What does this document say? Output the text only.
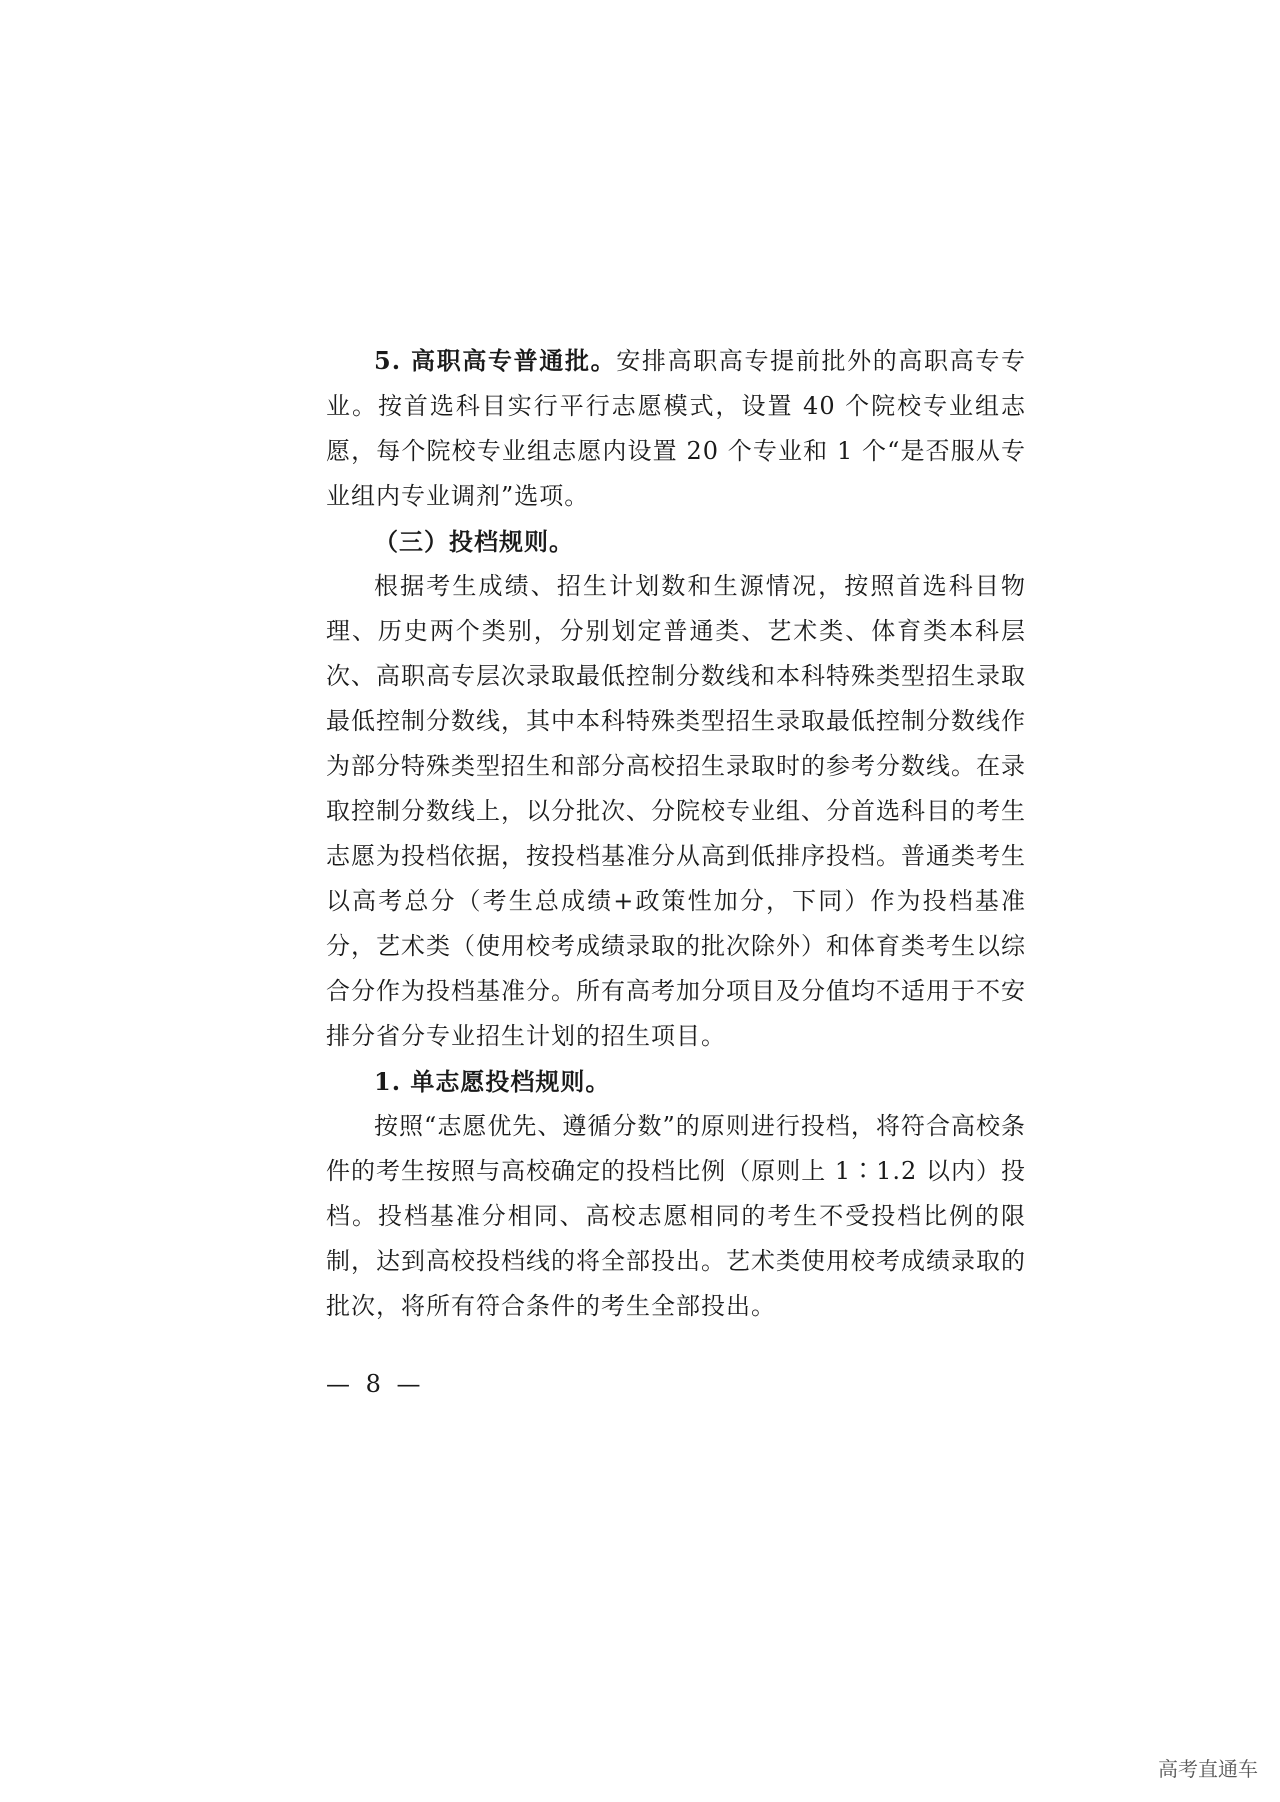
5. 高职高专普通批。安排高职高专提前批外的高职高专专业。按首选科目实行平行志愿模式，设置 40 个院校专业组志愿，每个院校专业组志愿内设置 20 个专业和 1 个“是否服从专业组内专业调剂”选项。

（三）投档规则。

根据考生成绩、招生计划数和生源情况，按照首选科目物理、历史两个类别，分别划定普通类、艺术类、体育类本科层次、高职高专层次录取最低控制分数线和本科特殊类型招生录取最低控制分数线，其中本科特殊类型招生录取最低控制分数线作为部分特殊类型招生和部分高校招生录取时的参考分数线。在录取控制分数线上，以分批次、分院校专业组、分首选科目的考生志愿为投档依据，按投档基准分从高到低排序投档。普通类考生以高考总分（考生总成绩+政策性加分，下同）作为投档基准分，艺术类（使用校考成绩录取的批次除外）和体育类考生以综合分作为投档基准分。所有高考加分项目及分值均不适用于不安排分省分专业招生计划的招生项目。

1. 单志愿投档规则。

按照“志愿优先、遵循分数”的原则进行投档，将符合高校条件的考生按照与高校确定的投档比例（原则上 1∶1.2 以内）投档。投档基准分相同、高校志愿相同的考生不受投档比例的限制，达到高校投档线的将全部投出。艺术类使用校考成绩录取的批次，将所有符合条件的考生全部投出。

— 8 —
高考直通车
